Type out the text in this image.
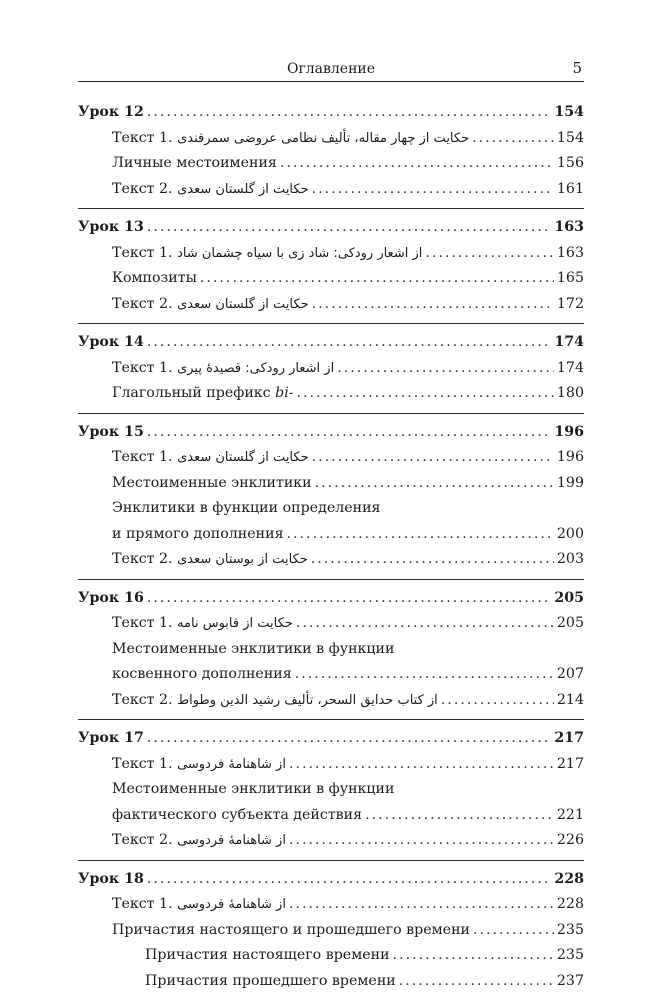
Оглавление	5
Урок 12 .....	154
Текст 1. حکایت از چهار مقاله، تألیف نظامی عروضی سمرقندی .....	154
Личные местоимения .....	156
Текст 2. حکایت از گلستان سعدی .....	161
Урок 13 .....	163
Текст 1. از اشعار رودکی: شاد زی با سیاه چشمان شاد .....	163
Композиты .....	165
Текст 2. حکایت از گلستان سعدی .....	172
Урок 14 .....	174
Текст 1. از اشعار رودکی: قصیدهٔ پیری .....	174
Глагольный префикс bi- .....	180
Урок 15 .....	196
Текст 1. حکایت از گلستان سعدی .....	196
Местоименные энклитики .....	199
Энклитики в функции определения
и прямого дополнения .....	200
Текст 2. حکایت از بوستان سعدی .....	203
Урок 16 .....	205
Текст 1. حکایت از قابوس نامه .....	205
Местоименные энклитики в функции
косвенного дополнения .....	207
Текст 2. از کتاب حدایق السحر، تألیف رشید الدین وطواط .....	214
Урок 17 .....	217
Текст 1. از شاهنامهٔ فردوسی .....	217
Местоименные энклитики в функции
фактического субъекта действия .....	221
Текст 2. از شاهنامهٔ فردوسی .....	226
Урок 18 .....	228
Текст 1. از شاهنامهٔ فردوسی .....	228
Причастия настоящего и прошедшего времени .....	235
Причастия настоящего времени .....	235
Причастия прошедшего времени .....	237
